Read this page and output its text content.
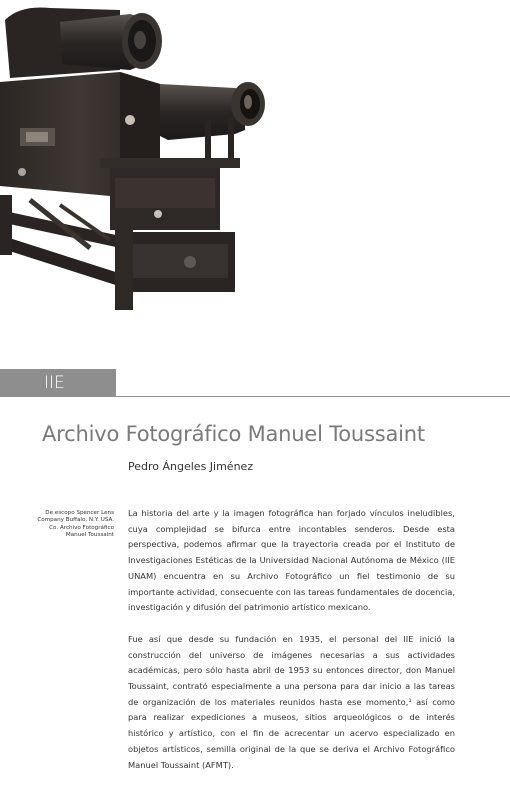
IIE
Archivo Fotográfico Manuel Toussaint

Pedro Ángeles Jiménez

De escopo Spencer Lens Company Buffalo, N.Y. USA. Co. Archivo Fotográfico Manuel Toussaint

La historia del arte y la imagen fotográfica han forjado vínculos ineludibles, cuya complejidad se bifurca entre incontables senderos. Desde esta perspectiva, podemos afirmar que la trayectoria creada por el Instituto de Investigaciones Estéticas de la Universidad Nacional Autónoma de México (IIE UNAM) encuentra en su Archivo Fotográfico un fiel testimonio de su importante actividad, consecuente con las tareas fundamentales de docencia, investigación y difusión del patrimonio artístico mexicano.

Fue así que desde su fundación en 1935, el personal del IIE inició la construcción del universo de imágenes necesarias a sus actividades académicas, pero sólo hasta abril de 1953 su entonces director, don Manuel Toussaint, contrató especialmente a una persona para dar inicio a las tareas de organización de los materiales reunidos hasta ese momento,¹ así como para realizar expediciones a museos, sitios arqueológicos o de interés histórico y artístico, con el fin de acrecentar un acervo especializado en objetos artísticos, semilla original de la que se deriva el Archivo Fotográfico Manuel Toussaint (AFMT).
